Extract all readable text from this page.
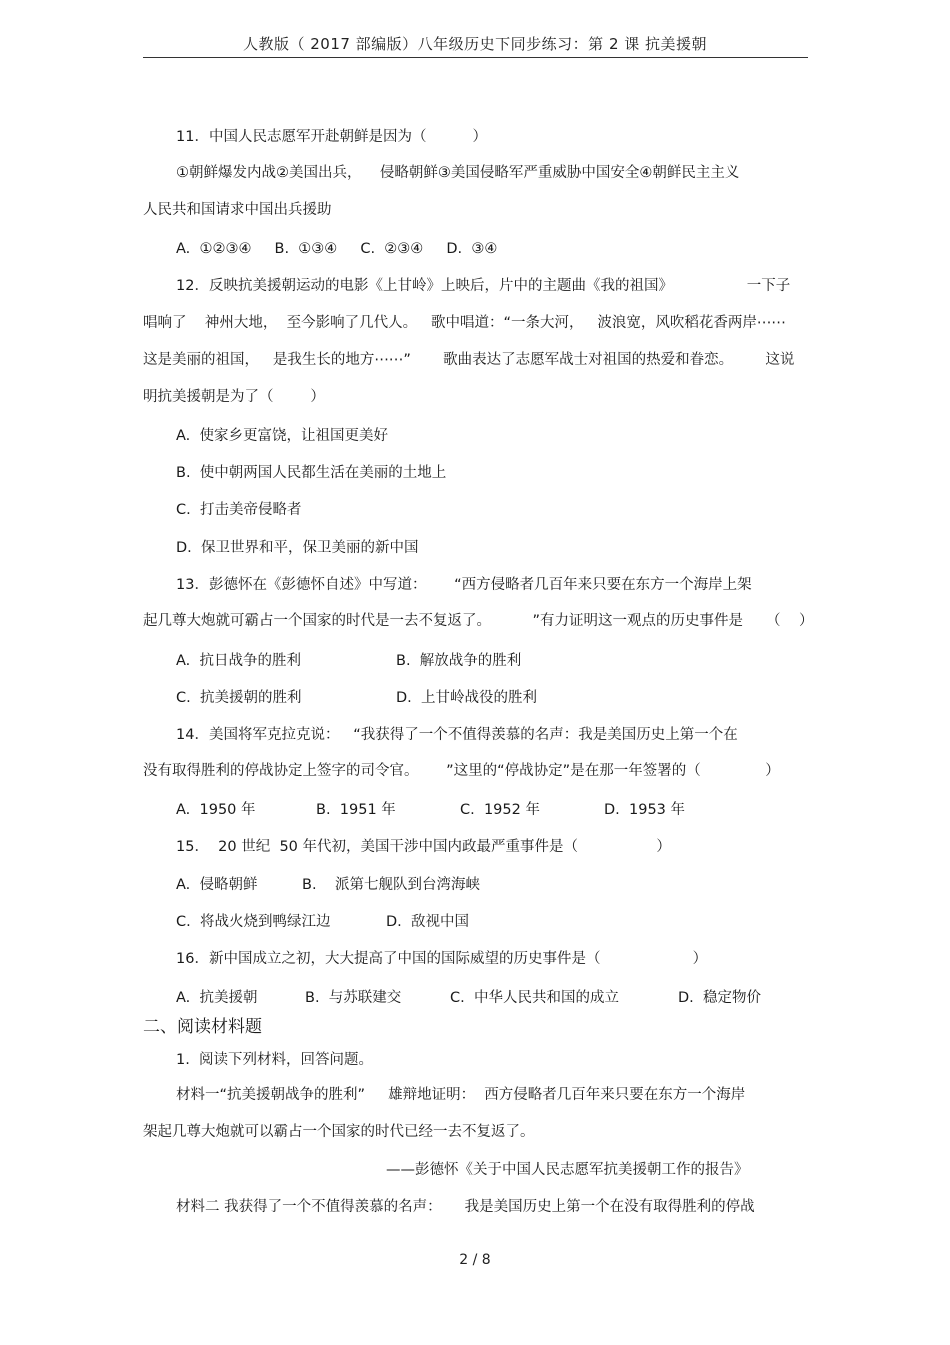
人教版（ 2017 部编版）八年级历史下同步练习：第 2 课 抗美援朝
11．中国人民志愿军开赴朝鲜是因为（          ）
①朝鲜爆发内战②美国出兵，    侵略朝鲜③美国侵略军严重威胁中国安全④朝鲜民主主义
人民共和国请求中国出兵援助
A.  ①②③④     B.  ①③④     C.  ②③④     D.  ③④
12．反映抗美援朝运动的电影《上甘岭》上映后，片中的主题曲《我的祖国》                一下子
唱响了    神州大地，  至今影响了几代人。   歌中唱道：“一条大河，   波浪宽，风吹稻花香两岸⋯⋯
这是美丽的祖国，   是我生长的地方⋯⋯”       歌曲表达了志愿军战士对祖国的热爱和眷恋。       这说
明抗美援朝是为了（        ）
A.  使家乡更富饶，让祖国更美好
B.  使中朝两国人民都生活在美丽的土地上
C.  打击美帝侵略者
D.  保卫世界和平，保卫美丽的新中国
13．彭德怀在《彭德怀自述》中写道：      “西方侵略者几百年来只要在东方一个海岸上架
起几尊大炮就可霸占一个国家的时代是一去不复返了。         ”有力证明这一观点的历史事件是     （    ）
A.  抗日战争的胜利	B.  解放战争的胜利
C.  抗美援朝的胜利	D.  上甘岭战役的胜利
14．美国将军克拉克说：   “我获得了一个不值得羡慕的名声：我是美国历史上第一个在
没有取得胜利的停战协定上签字的司令官。      ”这里的“停战协定”是在那一年签署的（              ）
A.  1950 年	B.  1951 年	C.  1952 年	D.  1953 年
15．  20 世纪  50 年代初，美国干涉中国内政最严重事件是（                 ）
A.  侵略朝鲜	B.    派第七舰队到台湾海峡
C.  将战火烧到鸭绿江边	D.  敌视中国
16．新中国成立之初，大大提高了中国的国际威望的历史事件是（                    ）
A.  抗美援朝	B.  与苏联建交	C.  中华人民共和国的成立	D.  稳定物价
二、阅读材料题
1.  阅读下列材料，回答问题。
材料一“抗美援朝战争的胜利”     雄辩地证明：  西方侵略者几百年来只要在东方一个海岸
架起几尊大炮就可以霸占一个国家的时代已经一去不复返了。
——彭德怀《关于中国人民志愿军抗美援朝工作的报告》
材料二 我获得了一个不值得羡慕的名声：     我是美国历史上第一个在没有取得胜利的停战
2 / 8
